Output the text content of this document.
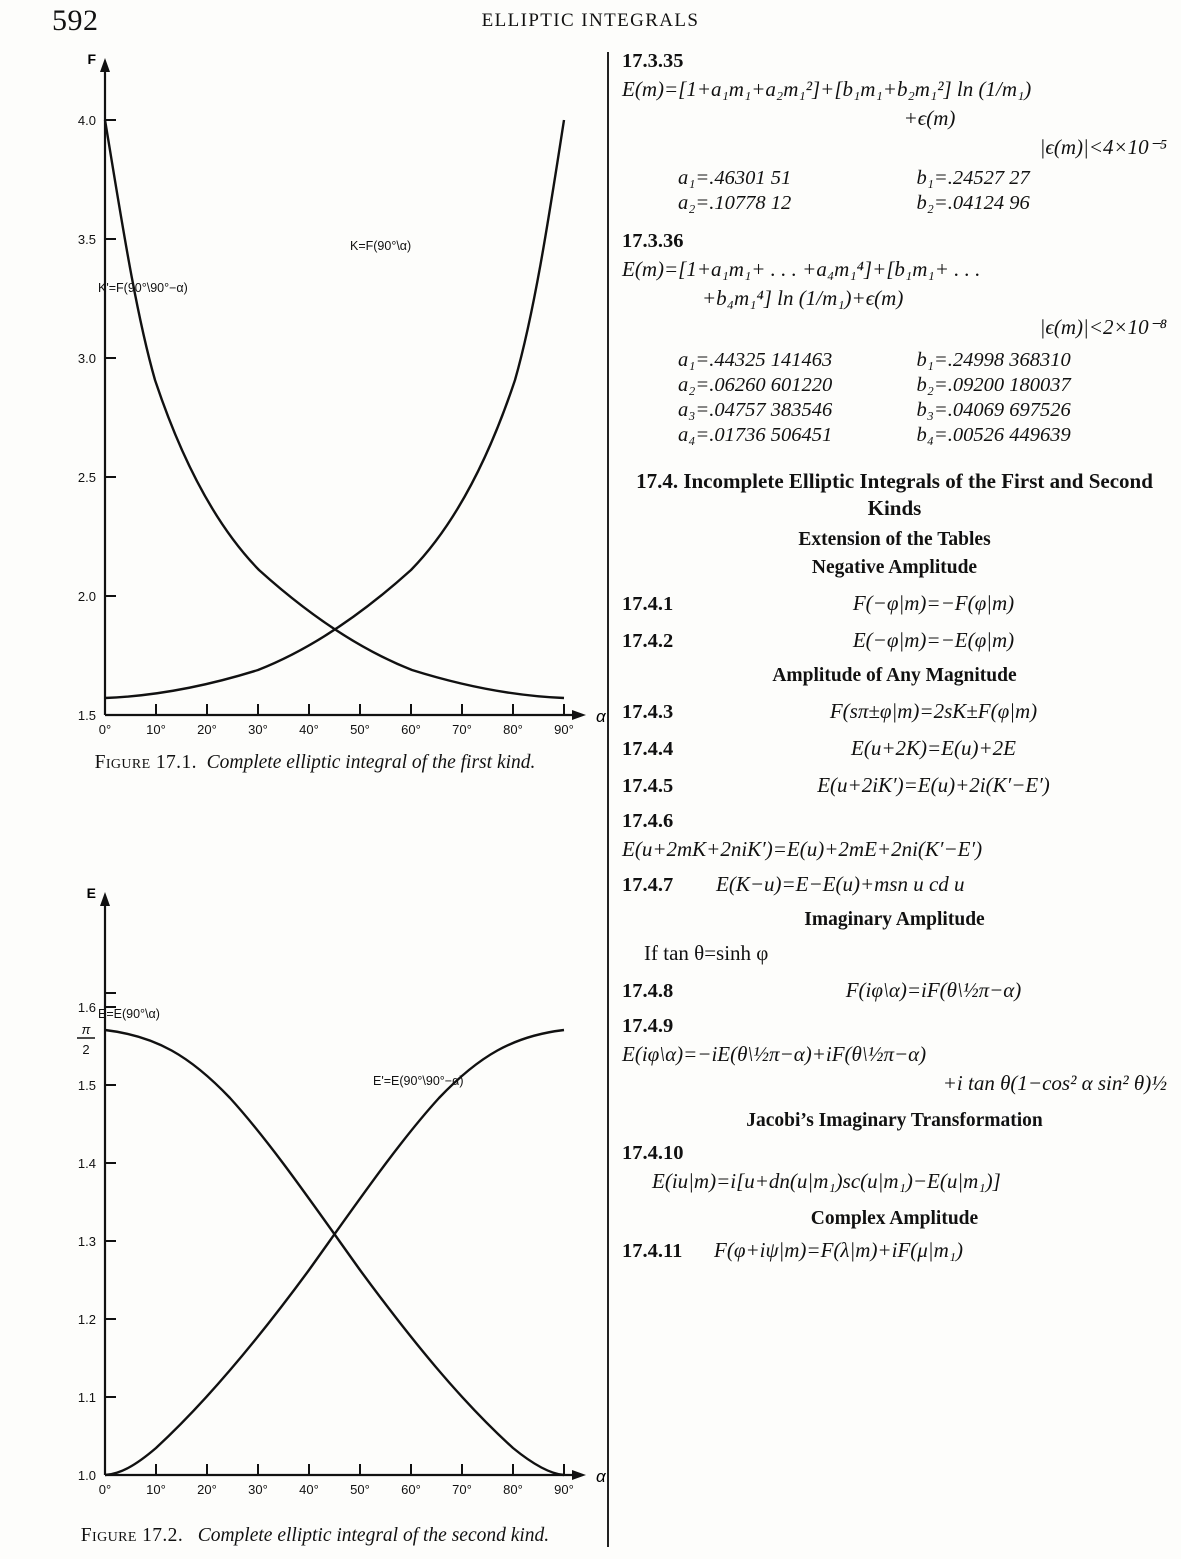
592	ELLIPTIC INTEGRALS
F
α
1.5
2.0
2.5
3.0
3.5
4.0
0°	10° 20° 30° 40° 50° 60° 70° 80° 90°
K=F(90°\α)
K'=F(90°\90°−α)
Figure 17.1. Complete elliptic integral of the first kind.
E
α
1.0
1.1
1.2
1.3
1.4
1.5
1.6
π
2
0°	10° 20° 30° 40° 50° 60° 70° 80° 90°
E=E(90°\α)
E'=E(90°\90°−α)
Figure 17.2. Complete elliptic integral of the second kind.
17.3.35
E(m)=[1+a₁m₁+a₂m₁²]+[b₁m₁+b₂m₁²] ln (1/m₁)
+ϵ(m)
|ϵ(m)|<4×10⁻⁵
a₁=.46301 51	b₁=.24527 27
a₂=.10778 12	b₂=.04124 96
17.3.36
E(m)=[1+a₁m₁+ . . . +a₄m₁⁴]+[b₁m₁+ . . .
+b₄m₁⁴] ln (1/m₁)+ϵ(m)
|ϵ(m)|<2×10⁻⁸
a₁=.44325 141463	b₁=.24998 368310
a₂=.06260 601220	b₂=.09200 180037
a₃=.04757 383546	b₃=.04069 697526
a₄=.01736 506451	b₄=.00526 449639
17.4. Incomplete Elliptic Integrals of the First and Second Kinds
Extension of the Tables
Negative Amplitude
17.4.1	F(−φ|m)=−F(φ|m)
17.4.2	E(−φ|m)=−E(φ|m)
Amplitude of Any Magnitude
17.4.3	F(sπ±φ|m)=2sK±F(φ|m)
17.4.4	E(u+2K)=E(u)+2E
17.4.5	E(u+2iK′)=E(u)+2i(K′−E′)
17.4.6
E(u+2mK+2niK′)=E(u)+2mE+2ni(K′−E′)
17.4.7	E(K−u)=E−E(u)+msn u cd u
Imaginary Amplitude
If tan θ=sinh φ
17.4.8	F(iφ\α)=iF(θ\½π−α)
17.4.9
E(iφ\α)=−iE(θ\½π−α)+iF(θ\½π−α)
+i tan θ(1−cos² α sin² θ)½
Jacobi’s Imaginary Transformation
17.4.10
E(iu|m)=i[u+dn(u|m₁)sc(u|m₁)−E(u|m₁)]
Complex Amplitude
17.4.11	F(φ+iψ|m)=F(λ|m)+iF(μ|m₁)
